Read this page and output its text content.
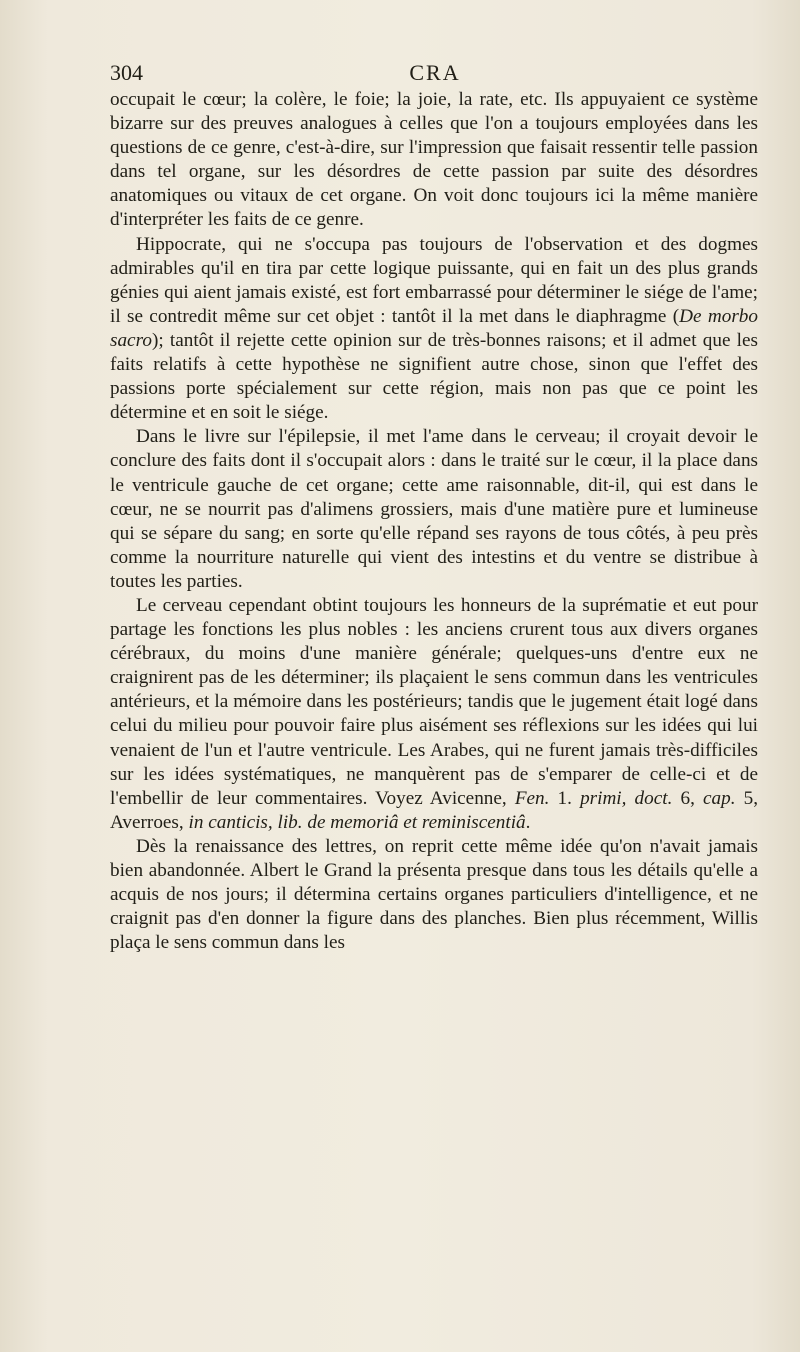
304	CRA

occupait le cœur; la colère, le foie; la joie, la rate, etc. Ils appuyaient ce système bizarre sur des preuves analogues à celles que l'on a toujours employées dans les questions de ce genre, c'est-à-dire, sur l'impression que faisait ressentir telle passion dans tel organe, sur les désordres de cette passion par suite des désordres anatomiques ou vitaux de cet organe. On voit donc toujours ici la même manière d'interpréter les faits de ce genre.

Hippocrate, qui ne s'occupa pas toujours de l'observation et des dogmes admirables qu'il en tira par cette logique puissante, qui en fait un des plus grands génies qui aient jamais existé, est fort embarrassé pour déterminer le siége de l'ame; il se contredit même sur cet objet : tantôt il la met dans le diaphragme (De morbo sacro); tantôt il rejette cette opinion sur de très-bonnes raisons; et il admet que les faits relatifs à cette hypothèse ne signifient autre chose, sinon que l'effet des passions porte spécialement sur cette région, mais non pas que ce point les détermine et en soit le siége.

Dans le livre sur l'épilepsie, il met l'ame dans le cerveau; il croyait devoir le conclure des faits dont il s'occupait alors : dans le traité sur le cœur, il la place dans le ventricule gauche de cet organe; cette ame raisonnable, dit-il, qui est dans le cœur, ne se nourrit pas d'alimens grossiers, mais d'une matière pure et lumineuse qui se sépare du sang; en sorte qu'elle répand ses rayons de tous côtés, à peu près comme la nourriture naturelle qui vient des intestins et du ventre se distribue à toutes les parties.

Le cerveau cependant obtint toujours les honneurs de la suprématie et eut pour partage les fonctions les plus nobles : les anciens crurent tous aux divers organes cérébraux, du moins d'une manière générale; quelques-uns d'entre eux ne craignirent pas de les déterminer; ils plaçaient le sens commun dans les ventricules antérieurs, et la mémoire dans les postérieurs; tandis que le jugement était logé dans celui du milieu pour pouvoir faire plus aisément ses réflexions sur les idées qui lui venaient de l'un et l'autre ventricule. Les Arabes, qui ne furent jamais très-difficiles sur les idées systématiques, ne manquèrent pas de s'emparer de celle-ci et de l'embellir de leur commentaires. Voyez Avicenne, Fen. 1. primi, doct. 6, cap. 5, Averroes, in canticis, lib. de memoriâ et reminiscentiâ.

Dès la renaissance des lettres, on reprit cette même idée qu'on n'avait jamais bien abandonnée. Albert le Grand la présenta presque dans tous les détails qu'elle a acquis de nos jours; il détermina certains organes particuliers d'intelligence, et ne craignit pas d'en donner la figure dans des planches. Bien plus récemment, Willis plaça le sens commun dans les
